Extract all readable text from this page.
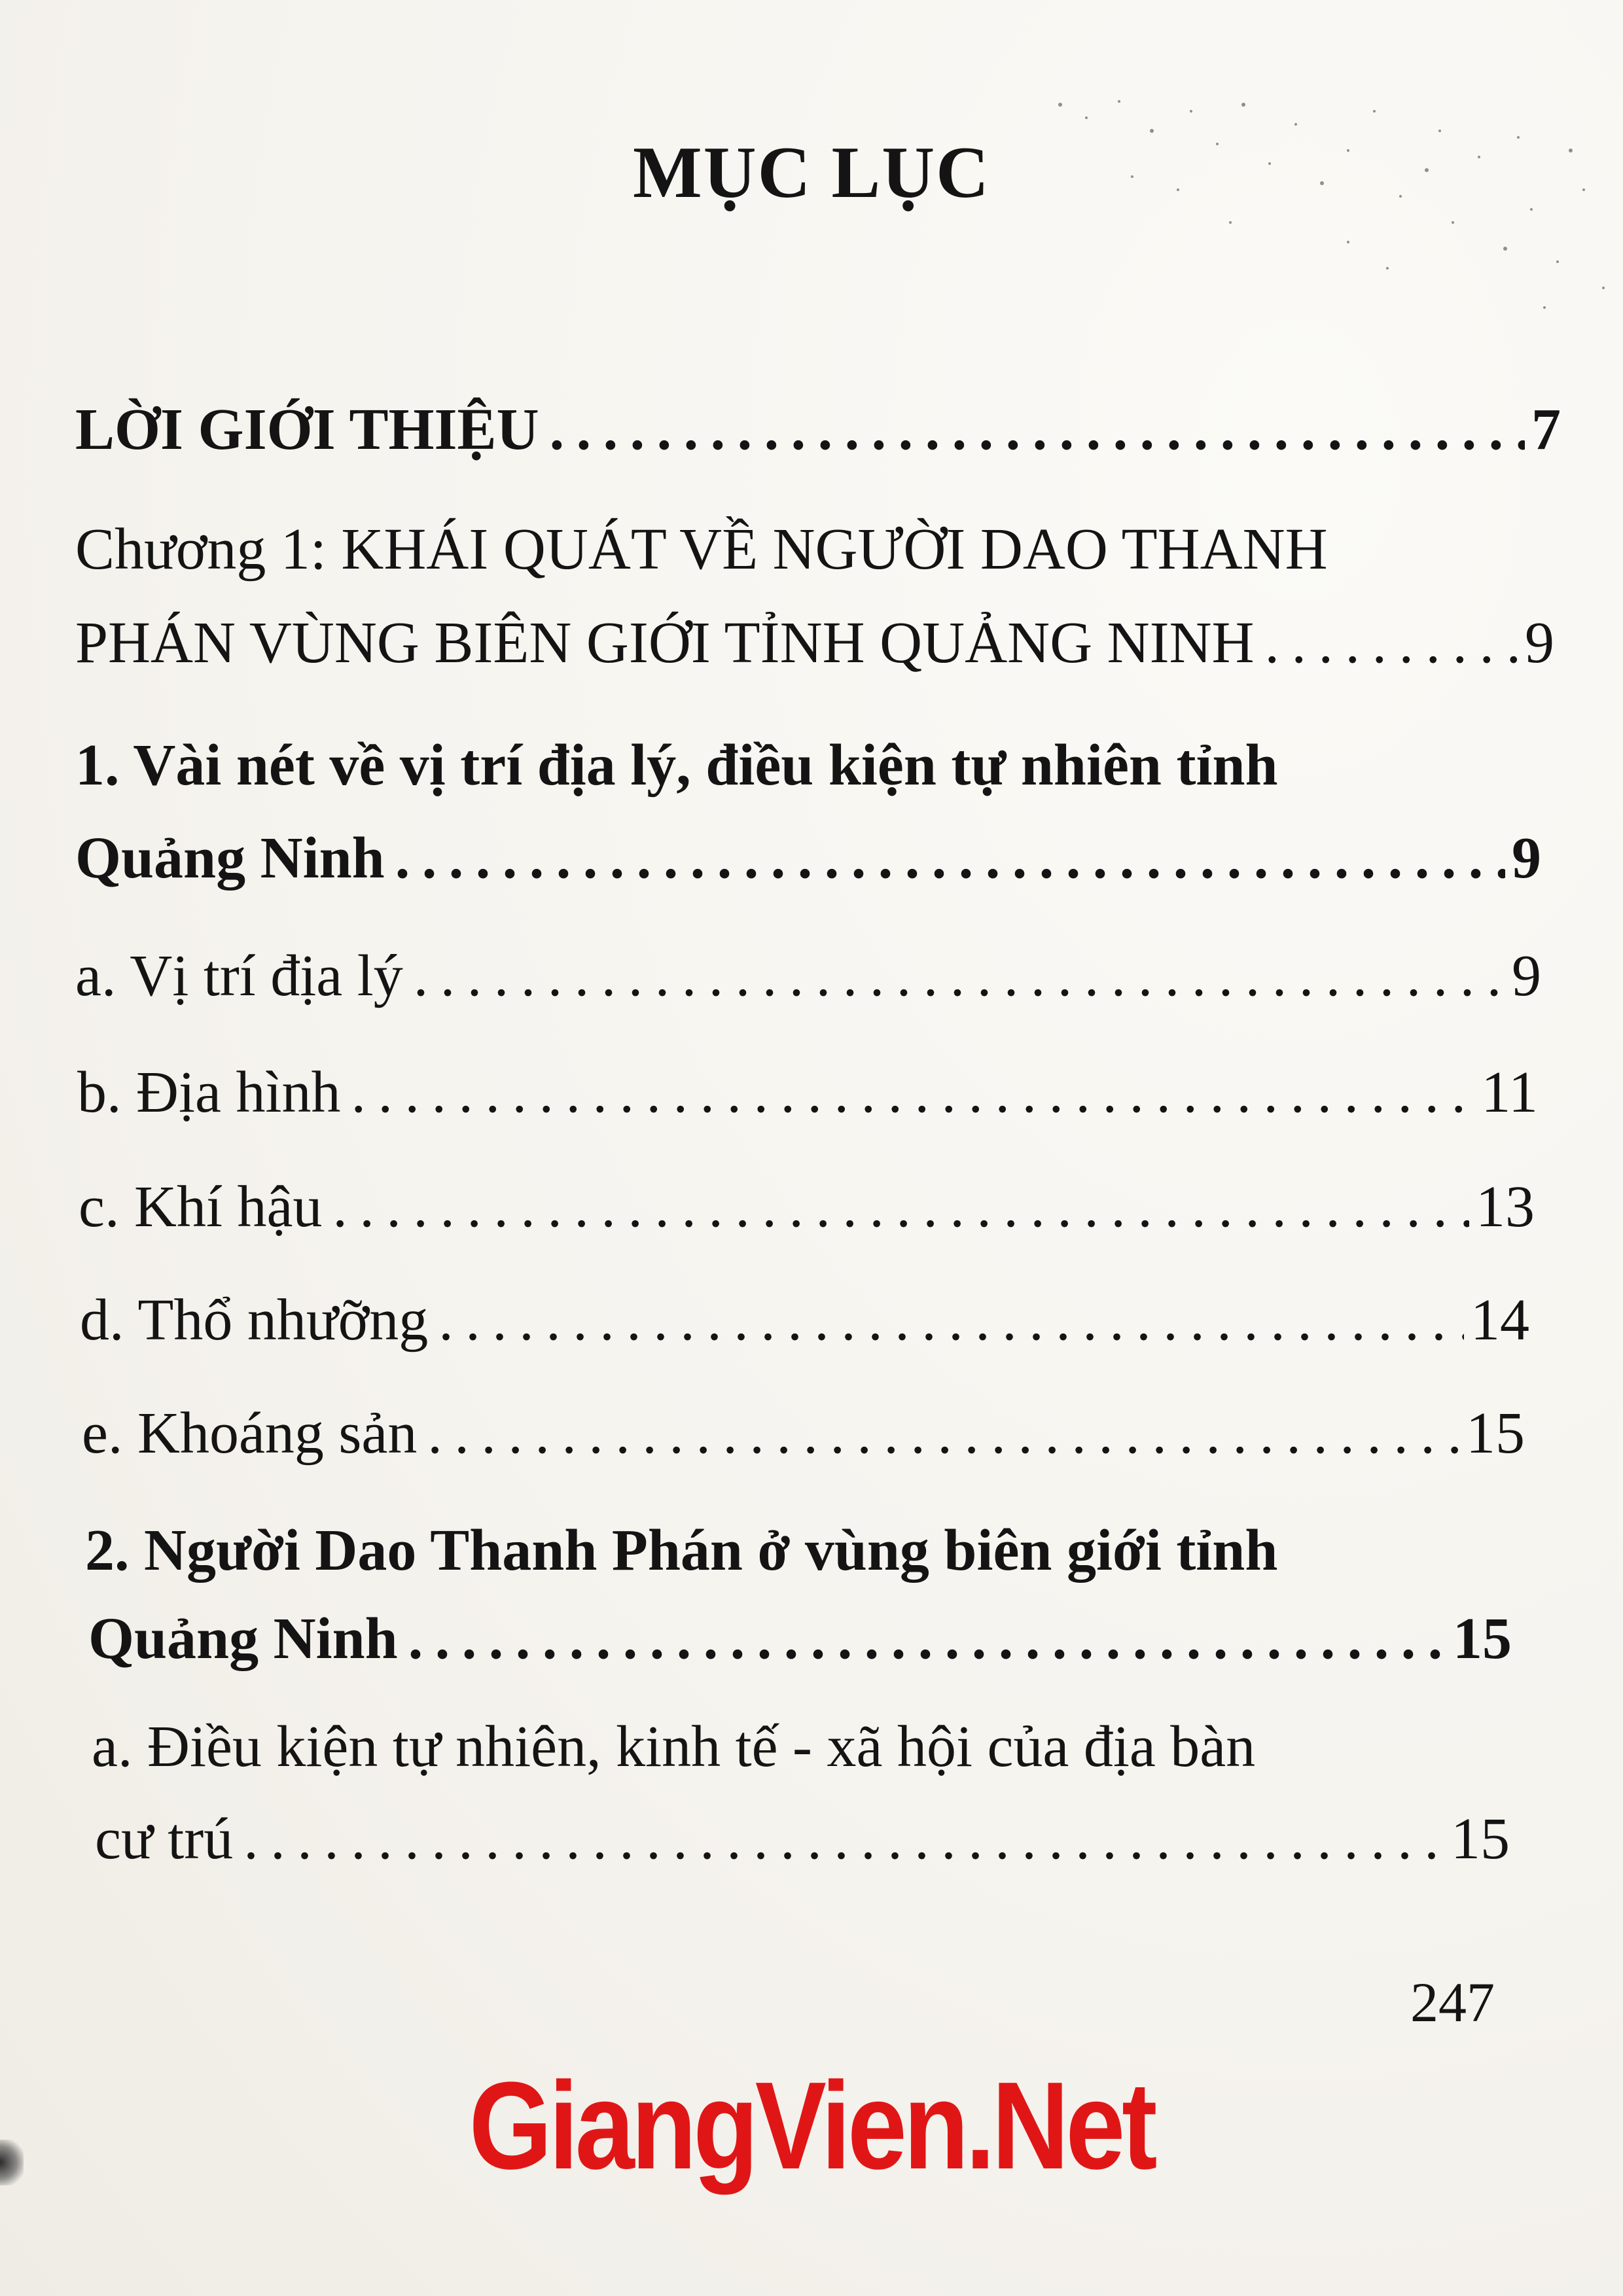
MỤC LỤC
LỜI GIỚI THIỆU . . .	7
Chương 1: KHÁI QUÁT VỀ NGƯỜI DAO THANH
PHÁN VÙNG BIÊN GIỚI TỈNH QUẢNG NINH . . .	9
1. Vài nét về vị trí địa lý, điều kiện tự nhiên tỉnh
Quảng Ninh . . .	9
a. Vị trí địa lý . . .	9
b. Địa hình . . .	11
c. Khí hậu . . .	13
d. Thổ nhưỡng . . .	14
e. Khoáng sản . . .	15
2. Người Dao Thanh Phán ở vùng biên giới tỉnh
Quảng Ninh . . .	15
a. Điều kiện tự nhiên, kinh tế - xã hội của địa bàn
cư trú . . .	15
247
GiangVien.Net
